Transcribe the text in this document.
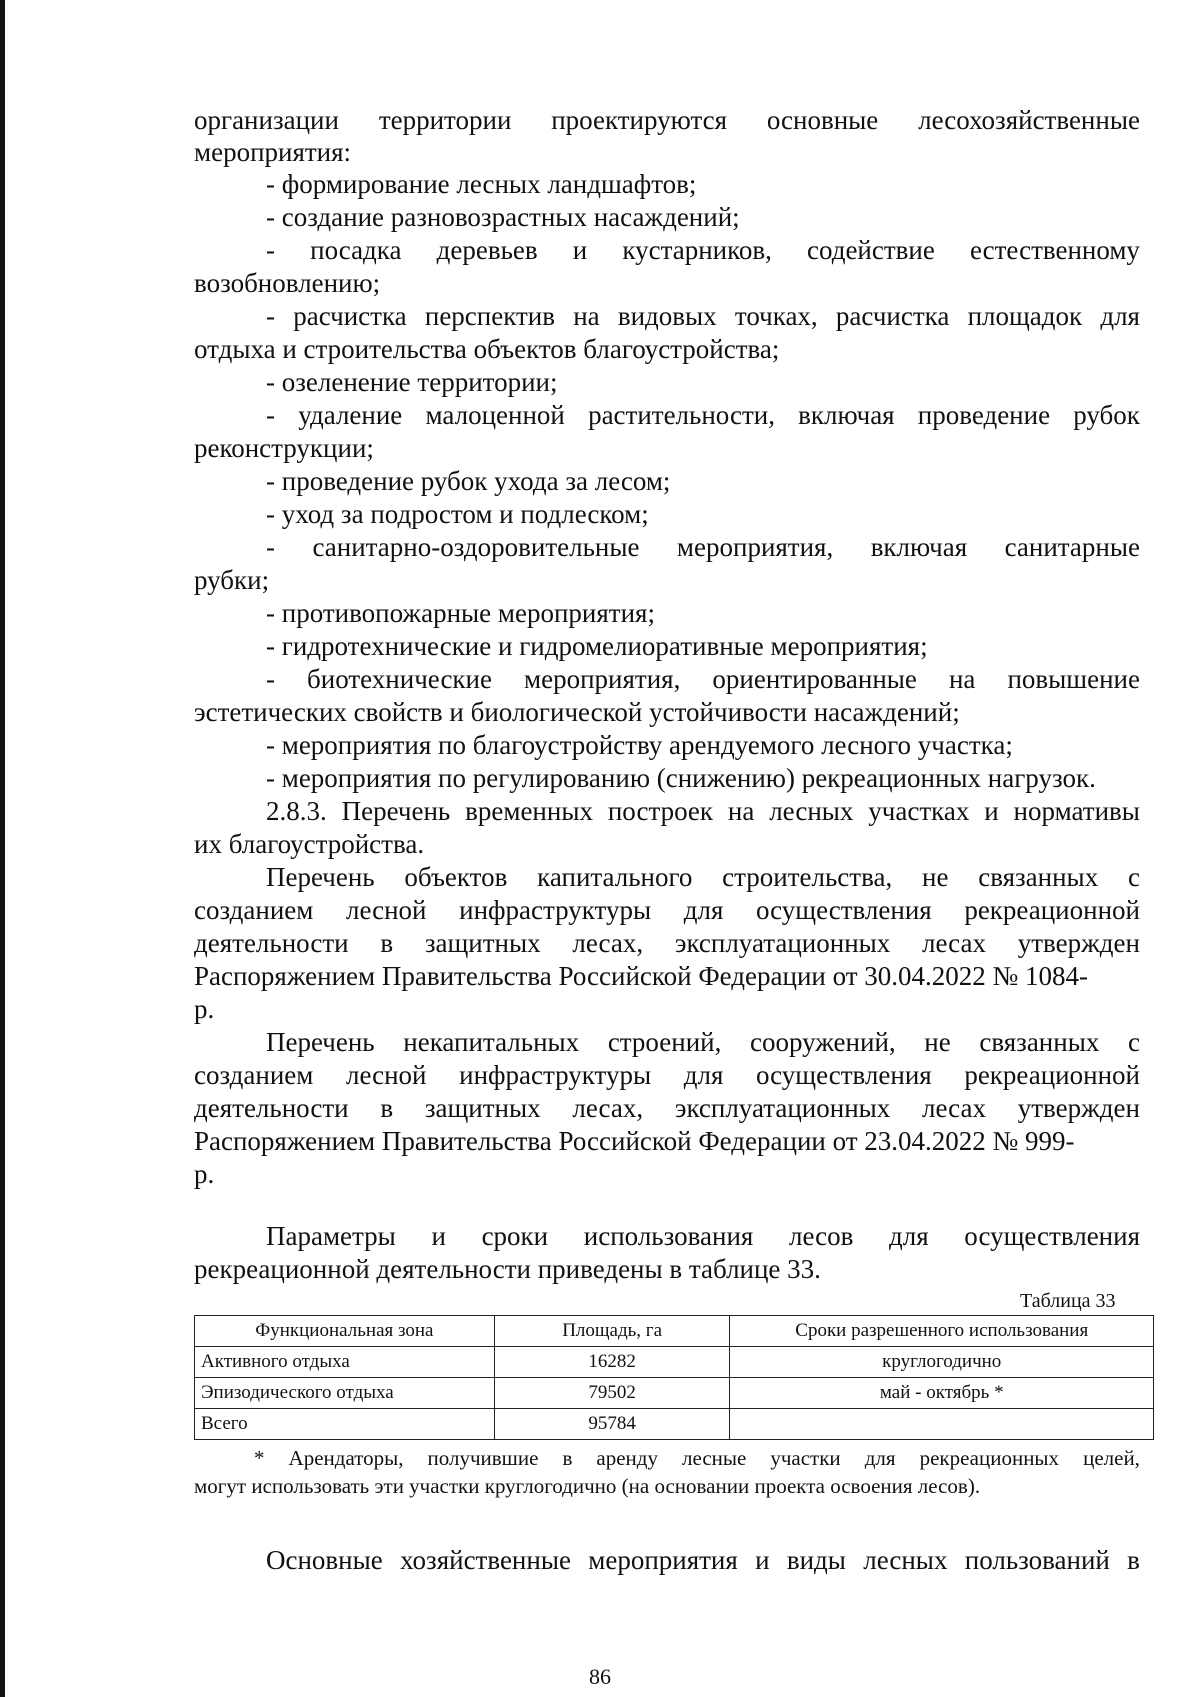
организации территории проектируются основные лесохозяйственные
мероприятия:
- формирование лесных ландшафтов;
- создание разновозрастных насаждений;
- посадка деревьев и кустарников, содействие естественному
возобновлению;
- расчистка перспектив на видовых точках, расчистка площадок для
отдыха и строительства объектов благоустройства;
- озеленение территории;
- удаление малоценной растительности, включая проведение рубок
реконструкции;
- проведение рубок ухода за лесом;
- уход за подростом и подлеском;
- санитарно-оздоровительные мероприятия, включая санитарные
рубки;
- противопожарные мероприятия;
- гидротехнические и гидромелиоративные мероприятия;
- биотехнические мероприятия, ориентированные на повышение
эстетических свойств и биологической устойчивости насаждений;
- мероприятия по благоустройству арендуемого лесного участка;
- мероприятия по регулированию (снижению) рекреационных нагрузок.
2.8.3. Перечень временных построек на лесных участках и нормативы
их благоустройства.
Перечень объектов капитального строительства, не связанных с
созданием лесной инфраструктуры для осуществления рекреационной
деятельности в защитных лесах, эксплуатационных лесах утвержден
Распоряжением Правительства Российской Федерации от 30.04.2022 № 1084-
р.
Перечень некапитальных строений, сооружений, не связанных с
созданием лесной инфраструктуры для осуществления рекреационной
деятельности в защитных лесах, эксплуатационных лесах утвержден
Распоряжением Правительства Российской Федерации от 23.04.2022 № 999-
р.
Параметры и сроки использования лесов для осуществления
рекреационной деятельности приведены в таблице 33.
Таблица 33
Функциональная зона	Площадь, га	Сроки разрешенного использования
Активного отдыха	16282	круглогодично
Эпизодического отдыха	79502	май - октябрь *
Всего	95784	
* Арендаторы, получившие в аренду лесные участки для рекреационных целей,
могут использовать эти участки круглогодично (на основании проекта освоения лесов).
Основные хозяйственные мероприятия и виды лесных пользований в
86
